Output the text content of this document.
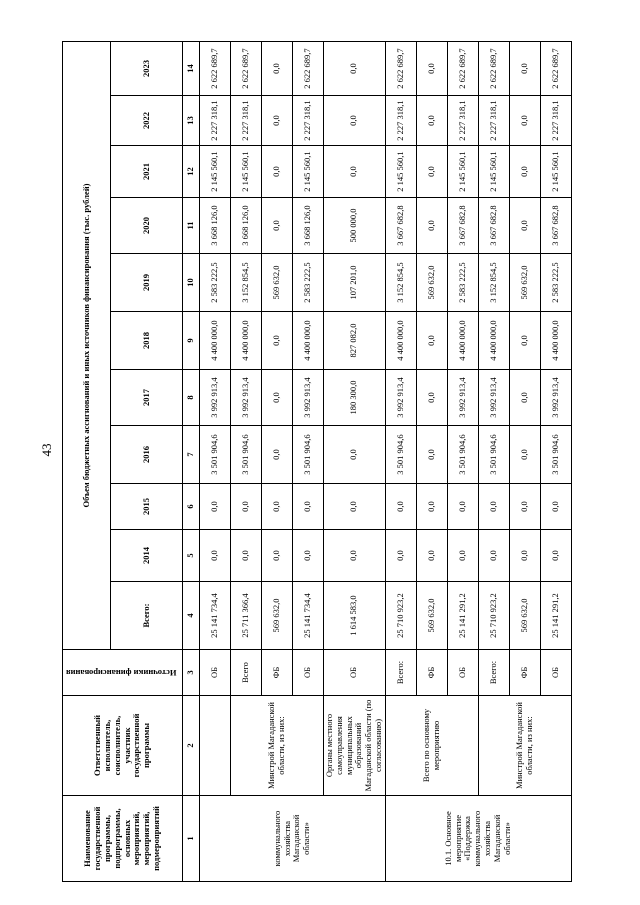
43
Наименование государственной программы, подпрограммы, основных мероприятий, мероприятий, подмероприятий	Ответственный исполнитель, соисполнитель, участник государственной программы	Источники финансирования	Объем бюджетных ассигнований и иных источников финансирования (тыс. рублей)										
			Всего:	2014	2015	2016	2017	2018	2019	2020	2021	2022	2023
1	2	3	4	5	6	7	8	9	10	11	12	13	14
коммунального хозяйства Магаданской области»		ОБ	25 141 734,4	0,0	0,0	3 501 904,6	3 992 913,4	4 400 000,0	2 583 222,5	3 668 126,0	2 145 560,1	2 227 318,1	2 622 689,7
	Минстрой Магаданской области, из них:	Всего	25 711 366,4	0,0	0,0	3 501 904,6	3 992 913,4	4 400 000,0	3 152 854,5	3 668 126,0	2 145 560,1	2 227 318,1	2 622 689,7
		ФБ	569 632,0	0,0	0,0	0,0	0,0	0,0	569 632,0	0,0	0,0	0,0	0,0
		ОБ	25 141 734,4	0,0	0,0	3 501 904,6	3 992 913,4	4 400 000,0	2 583 222,5	3 668 126,0	2 145 560,1	2 227 318,1	2 622 689,7
	Органы местного самоуправления муниципальных образований Магаданской области (по согласованию)	ОБ	1 614 583,0	0,0	0,0	0,0	180 300,0	827 082,0	107 201,0	500 000,0	0,0	0,0	0,0
10.1. Основное мероприятие «Поддержка коммунального хозяйства Магаданской области»	Всего по основному мероприятию	Всего:	25 710 923,2	0,0	0,0	3 501 904,6	3 992 913,4	4 400 000,0	3 152 854,5	3 667 682,8	2 145 560,1	2 227 318,1	2 622 689,7
		ФБ	569 632,0	0,0	0,0	0,0	0,0	0,0	569 632,0	0,0	0,0	0,0	0,0
		ОБ	25 141 291,2	0,0	0,0	3 501 904,6	3 992 913,4	4 400 000,0	2 583 222,5	3 667 682,8	2 145 560,1	2 227 318,1	2 622 689,7
	Минстрой Магаданской области, из них:	Всего:	25 710 923,2	0,0	0,0	3 501 904,6	3 992 913,4	4 400 000,0	3 152 854,5	3 667 682,8	2 145 560,1	2 227 318,1	2 622 689,7
		ФБ	569 632,0	0,0	0,0	0,0	0,0	0,0	569 632,0	0,0	0,0	0,0	0,0
		ОБ	25 141 291,2	0,0	0,0	3 501 904,6	3 992 913,4	4 400 000,0	2 583 222,5	3 667 682,8	2 145 560,1	2 227 318,1	2 622 689,7
